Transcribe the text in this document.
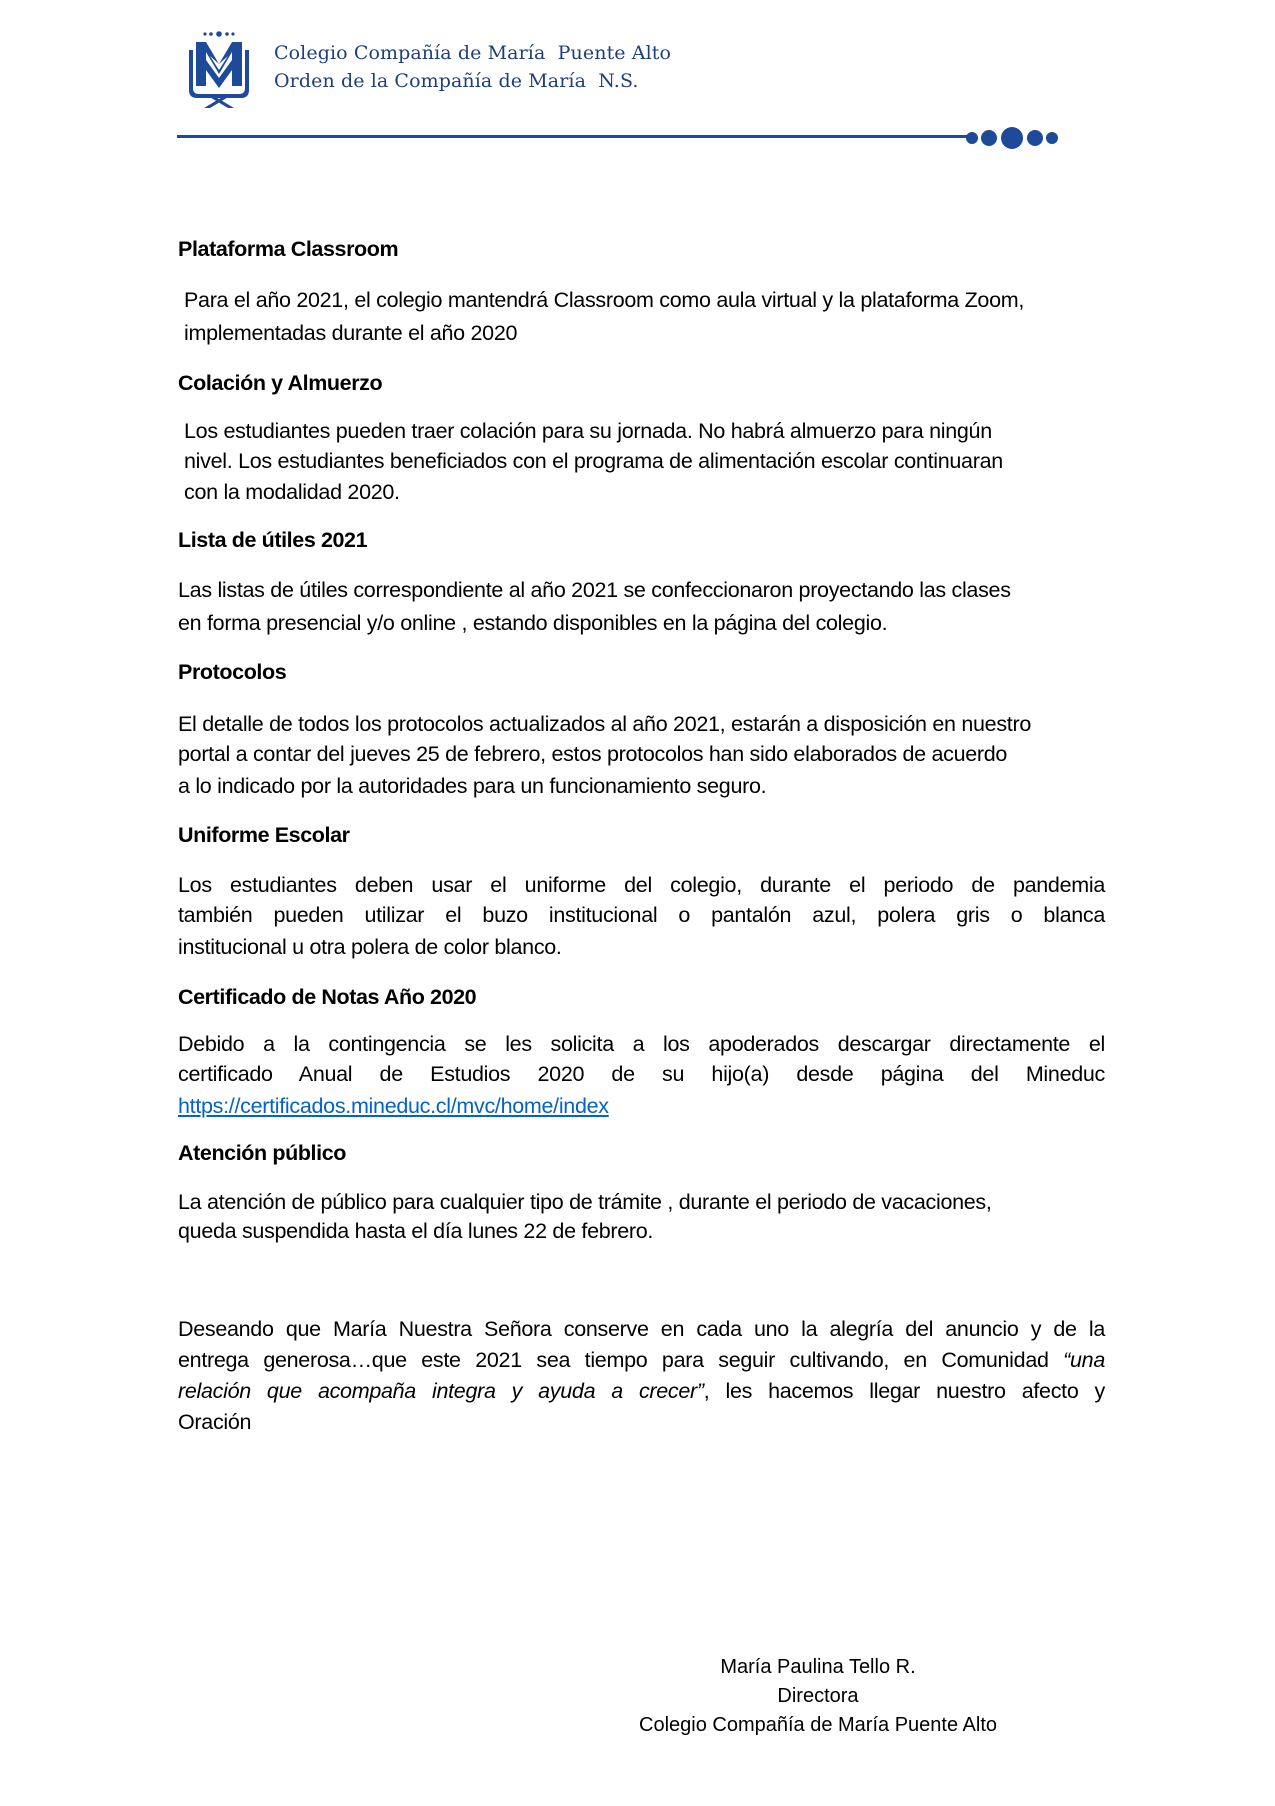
Colegio Compañía de María  Puente Alto
Orden de la Compañía de María  N.S.
Plataforma Classroom
Para el año 2021, el colegio mantendrá Classroom como aula virtual y la plataforma Zoom,
implementadas durante el año 2020
Colación y Almuerzo
Los estudiantes pueden traer colación para su jornada. No habrá almuerzo para ningún
nivel. Los estudiantes beneficiados con el programa de alimentación escolar continuaran
con la modalidad 2020.
Lista de útiles 2021
Las listas de útiles correspondiente al año 2021 se confeccionaron proyectando las clases
en forma presencial y/o online , estando disponibles en la página del colegio.
Protocolos
El detalle de todos los protocolos actualizados al año 2021, estarán a disposición en nuestro
portal a contar del jueves 25 de febrero, estos protocolos han sido elaborados de acuerdo
a lo indicado por la autoridades para un funcionamiento seguro.
Uniforme Escolar
Los estudiantes deben usar el uniforme del colegio, durante el periodo de pandemia
también pueden utilizar el buzo institucional o pantalón azul, polera gris o blanca
institucional u otra polera de color blanco.
Certificado de Notas Año 2020
Debido a la contingencia se les solicita a los apoderados descargar directamente el
certificado Anual de Estudios 2020 de su hijo(a) desde página del Mineduc
https://certificados.mineduc.cl/mvc/home/index
Atención público
La atención de público para cualquier tipo de trámite , durante el periodo de vacaciones,
queda suspendida hasta el día lunes 22 de febrero.
Deseando que María Nuestra Señora conserve en cada uno la alegría del anuncio y de la
entrega generosa…que este 2021 sea tiempo para seguir cultivando, en Comunidad “una
relación que acompaña integra y ayuda a crecer”, les hacemos llegar nuestro afecto y
Oración
María Paulina Tello R.
Directora
Colegio Compañía de María Puente Alto
